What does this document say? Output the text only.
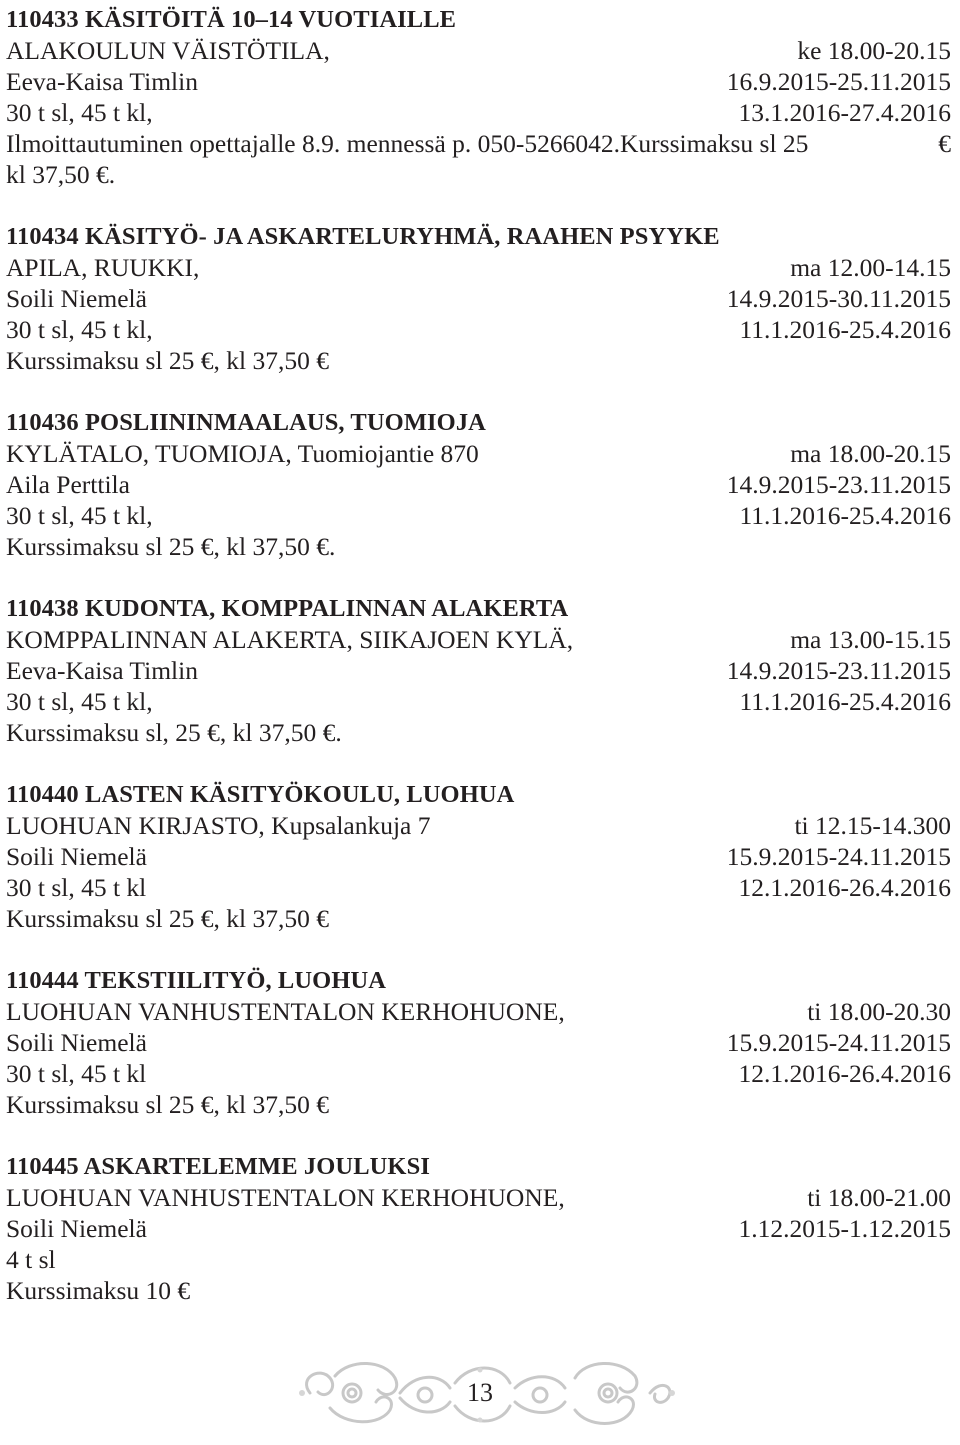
110433 KÄSITÖITÄ 10–14 VUOTIAILLE
ALAKOULUN VÄISTÖTILA,	ke 18.00-20.15
Eeva-Kaisa Timlin	16.9.2015-25.11.2015
30 t sl, 45 t kl,	13.1.2016-27.4.2016
Ilmoittautuminen opettajalle 8.9. mennessä p. 050-5266042.Kurssimaksu sl 25	€
kl 37,50 €.
110434 KÄSITYÖ- JA ASKARTELURYHMÄ, RAAHEN PSYYKE
APILA, RUUKKI,	ma 12.00-14.15
Soili Niemelä	14.9.2015-30.11.2015
30 t sl, 45 t kl,	11.1.2016-25.4.2016
Kurssimaksu sl 25 €, kl 37,50 €
110436 POSLIININMAALAUS, TUOMIOJA
KYLÄTALO, TUOMIOJA, Tuomiojantie 870	ma 18.00-20.15
Aila Perttila	14.9.2015-23.11.2015
30 t sl, 45 t kl,	11.1.2016-25.4.2016
Kurssimaksu sl 25 €, kl 37,50 €.
110438 KUDONTA, KOMPPALINNAN ALAKERTA
KOMPPALINNAN ALAKERTA, SIIKAJOEN KYLÄ,	ma 13.00-15.15
Eeva-Kaisa Timlin	14.9.2015-23.11.2015
30 t sl, 45 t kl,	11.1.2016-25.4.2016
Kurssimaksu sl, 25 €, kl 37,50 €.
110440 LASTEN KÄSITYÖKOULU, LUOHUA
LUOHUAN KIRJASTO, Kupsalankuja 7	ti 12.15-14.300
Soili Niemelä	15.9.2015-24.11.2015
30 t sl, 45 t kl	12.1.2016-26.4.2016
Kurssimaksu sl 25 €, kl 37,50 €
110444 TEKSTIILITYÖ, LUOHUA
LUOHUAN VANHUSTENTALON KERHOHUONE,	ti 18.00-20.30
Soili Niemelä	15.9.2015-24.11.2015
30 t sl, 45 t kl	12.1.2016-26.4.2016
Kurssimaksu sl 25 €, kl 37,50 €
110445 ASKARTELEMME JOULUKSI
LUOHUAN VANHUSTENTALON KERHOHUONE,	ti 18.00-21.00
Soili Niemelä	1.12.2015-1.12.2015
4 t sl
Kurssimaksu 10 €
13
